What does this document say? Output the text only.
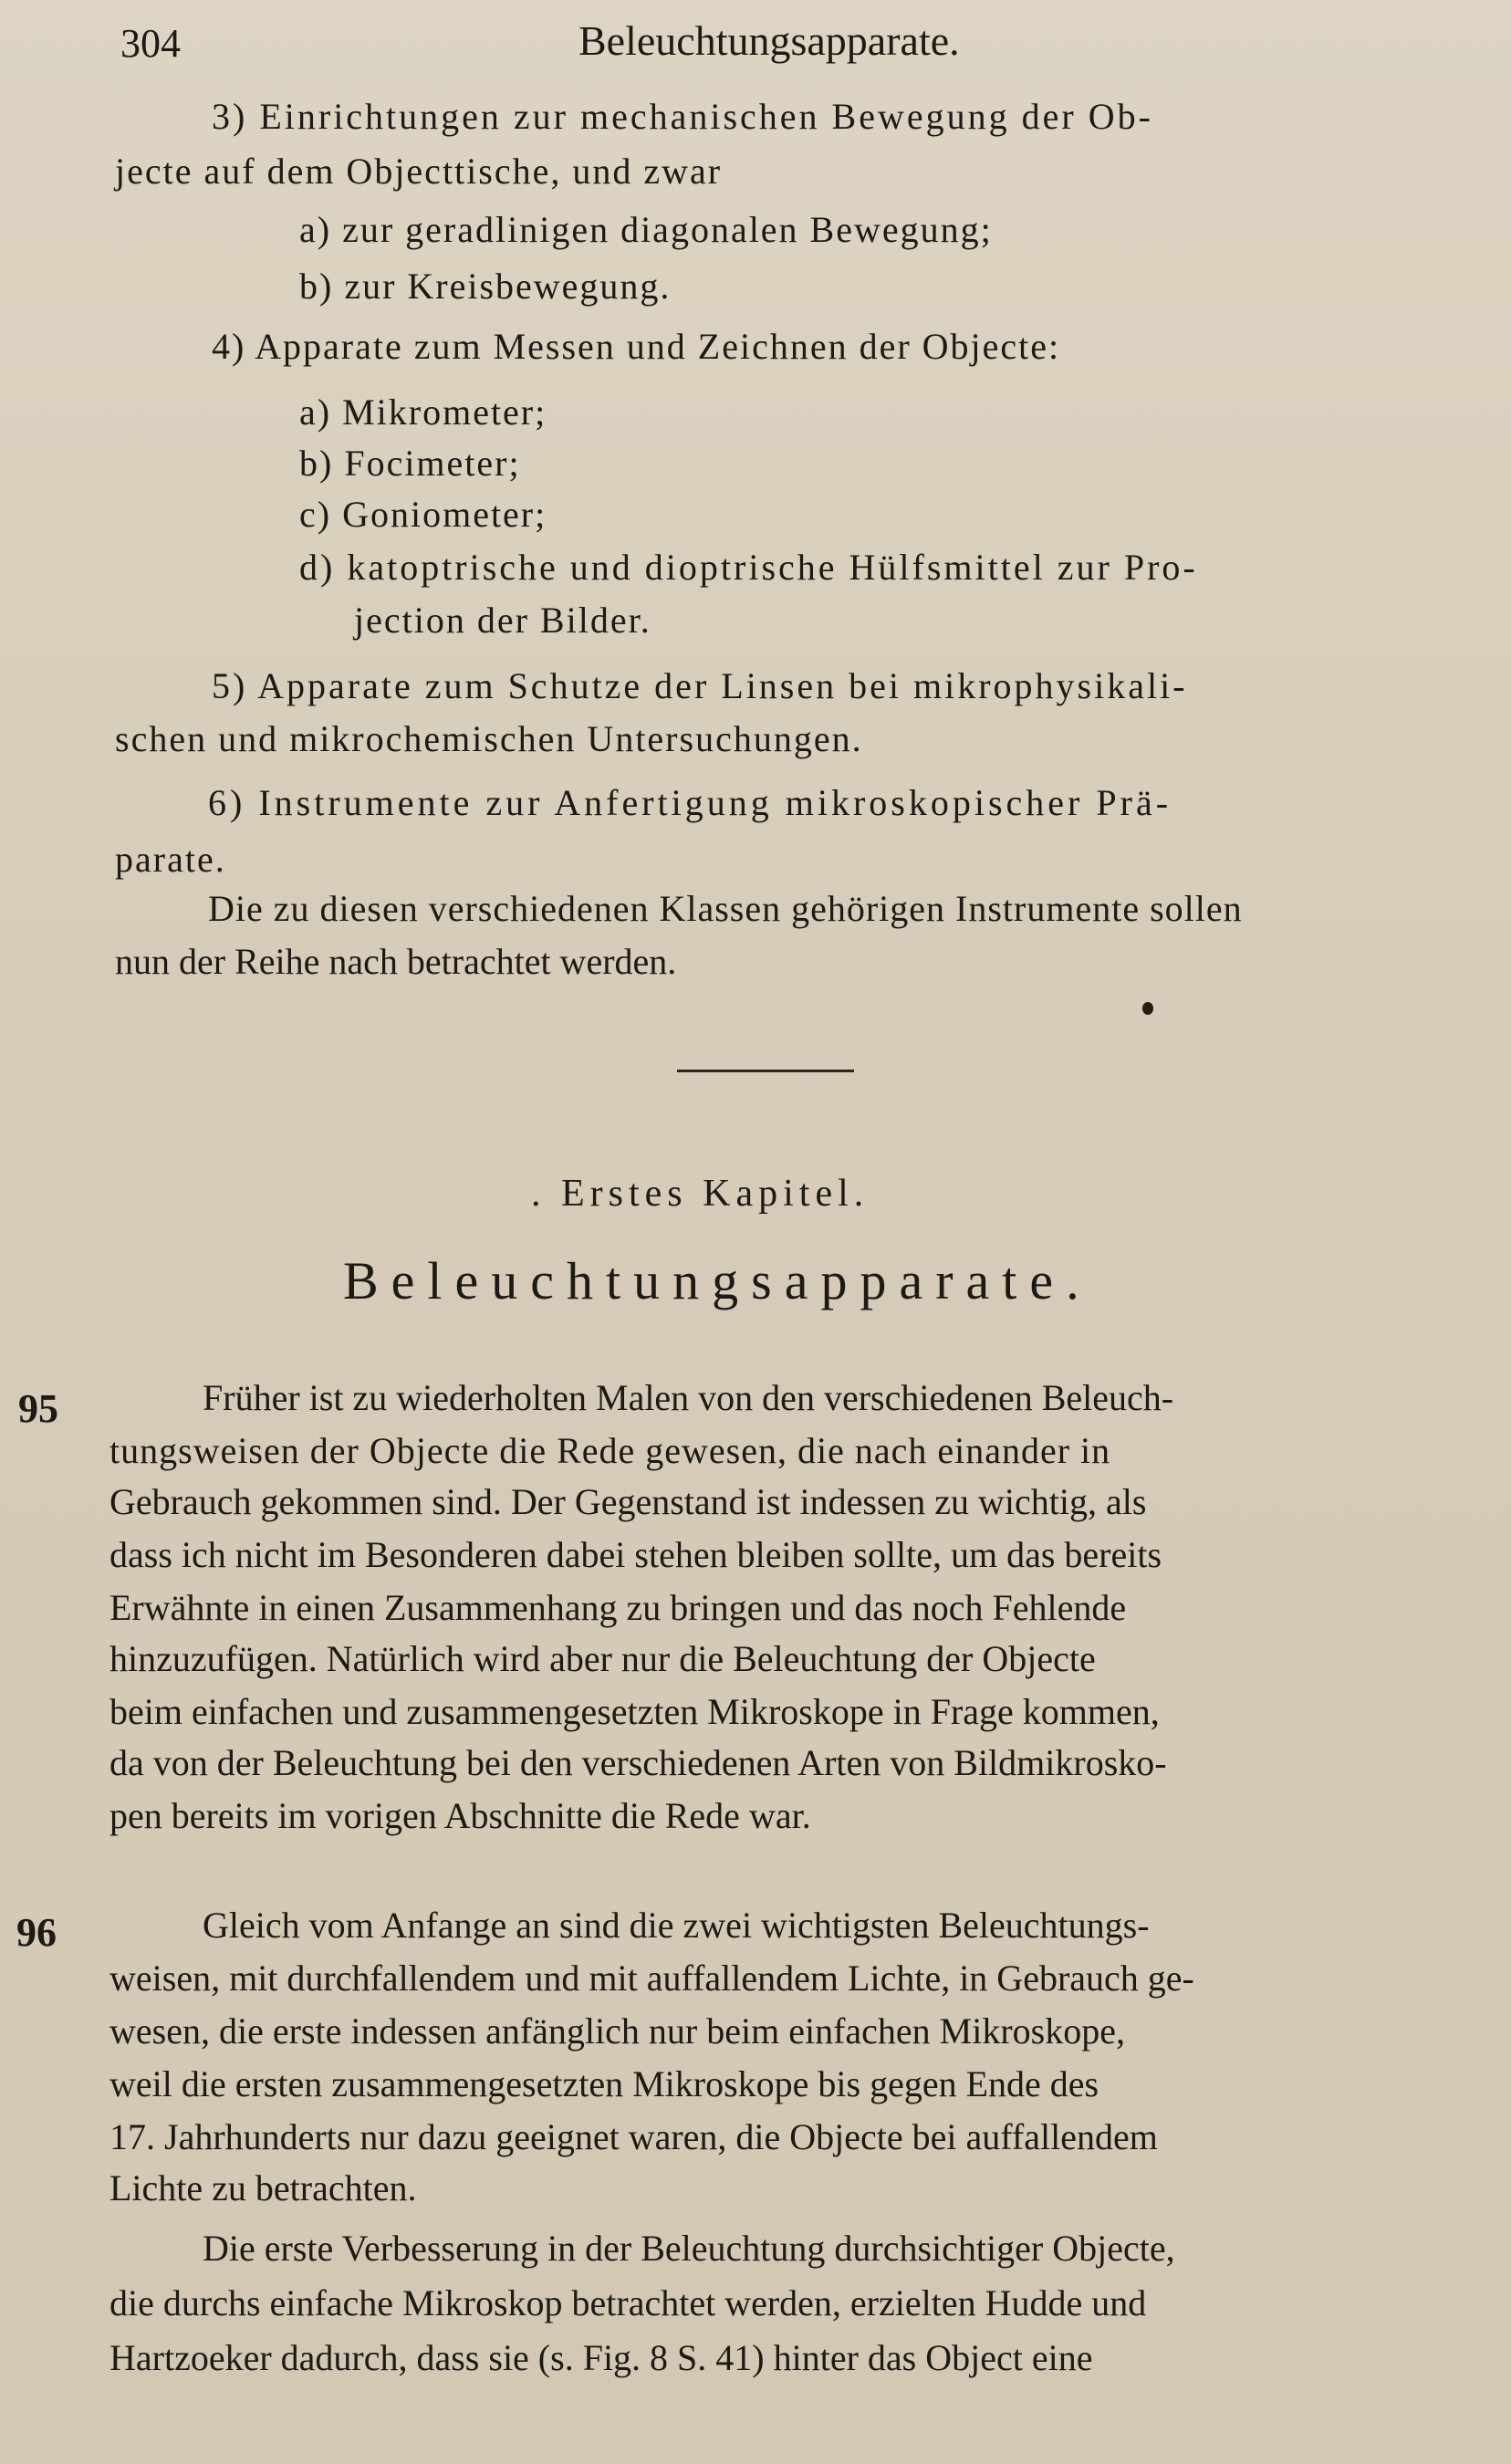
304	Beleuchtungsapparate.
3) Einrichtungen zur mechanischen Bewegung der Ob-
jecte auf dem Objecttische, und zwar
a) zur geradlinigen diagonalen Bewegung;
b) zur Kreisbewegung.
4) Apparate zum Messen und Zeichnen der Objecte:
a) Mikrometer;
b) Focimeter;
c) Goniometer;
d) katoptrische und dioptrische Hülfsmittel zur Pro-
jection der Bilder.
5) Apparate zum Schutze der Linsen bei mikrophysikali-
schen und mikrochemischen Untersuchungen.
6) Instrumente zur Anfertigung mikroskopischer Prä-
parate.
Die zu diesen verschiedenen Klassen gehörigen Instrumente sollen
nun der Reihe nach betrachtet werden.
. Erstes Kapitel.
Beleuchtungsapparate.
95	Früher ist zu wiederholten Malen von den verschiedenen Beleuch-
tungsweisen der Objecte die Rede gewesen, die nach einander in
Gebrauch gekommen sind. Der Gegenstand ist indessen zu wichtig, als
dass ich nicht im Besonderen dabei stehen bleiben sollte, um das bereits
Erwähnte in einen Zusammenhang zu bringen und das noch Fehlende
hinzuzufügen. Natürlich wird aber nur die Beleuchtung der Objecte
beim einfachen und zusammengesetzten Mikroskope in Frage kommen,
da von der Beleuchtung bei den verschiedenen Arten von Bildmikrosko-
pen bereits im vorigen Abschnitte die Rede war.
96	Gleich vom Anfange an sind die zwei wichtigsten Beleuchtungs-
weisen, mit durchfallendem und mit auffallendem Lichte, in Gebrauch ge-
wesen, die erste indessen anfänglich nur beim einfachen Mikroskope,
weil die ersten zusammengesetzten Mikroskope bis gegen Ende des
17. Jahrhunderts nur dazu geeignet waren, die Objecte bei auffallendem
Lichte zu betrachten.
Die erste Verbesserung in der Beleuchtung durchsichtiger Objecte,
die durchs einfache Mikroskop betrachtet werden, erzielten Hudde und
Hartzoeker dadurch, dass sie (s. Fig. 8 S. 41) hinter das Object eine
